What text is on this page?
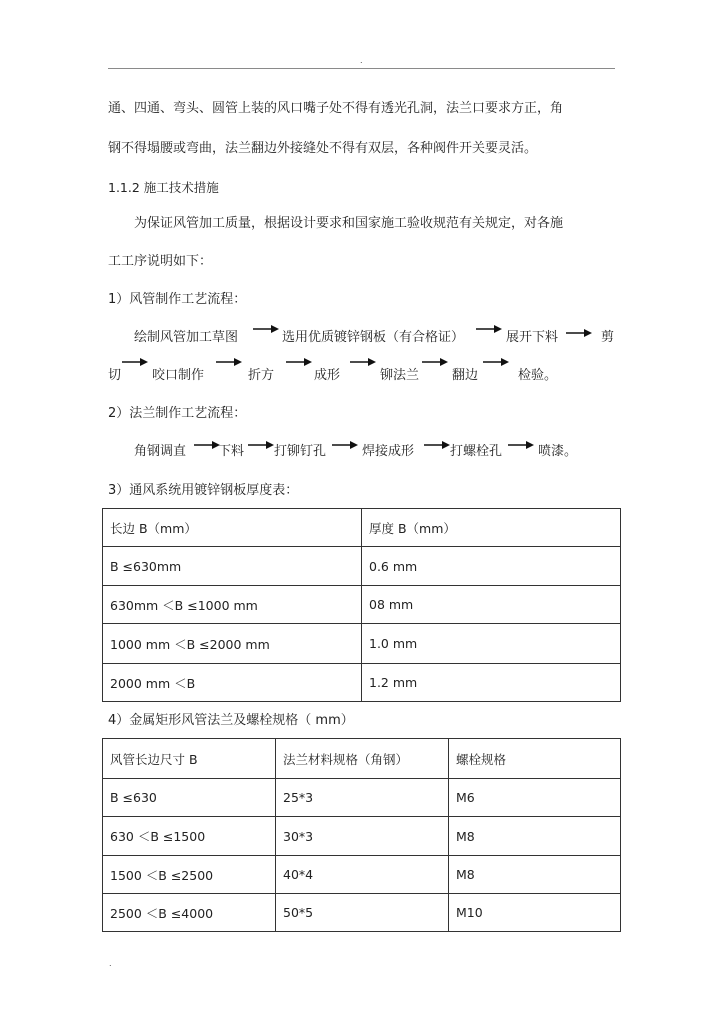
.
通、四通、弯头、圆管上装的风口嘴子处不得有透光孔洞，法兰口要求方正，角
钢不得塌腰或弯曲，法兰翻边外接缝处不得有双层，各种阀件开关要灵活。
1.1.2 施工技术措施
为保证风管加工质量，根据设计要求和国家施工验收规范有关规定，对各施
工工序说明如下：
1）风管制作工艺流程：
绘制风管加工草图	选用优质镀锌钢板（有合格证）	展开下料	剪
切 咬口制作	折方	成形	铆法兰	翻边	检验。
2）法兰制作工艺流程：
角钢调直 下料 打铆钉孔	焊接成形	打螺栓孔	喷漆。
3）通风系统用镀锌钢板厚度表：
长边 B（mm）	厚度 B（mm）
B ≤630mm	0.6 mm
630mm ＜B ≤1000 mm	08 mm
1000 mm ＜B ≤2000 mm	1.0 mm
2000 mm ＜B	1.2 mm
4）金属矩形风管法兰及螺栓规格（ mm）
风管长边尺寸 B	法兰材料规格（角钢）	螺栓规格
B ≤630	25*3	M6
630 ＜B ≤1500	30*3	M8
1500 ＜B ≤2500	40*4	M8
2500 ＜B ≤4000	50*5	M10
.
